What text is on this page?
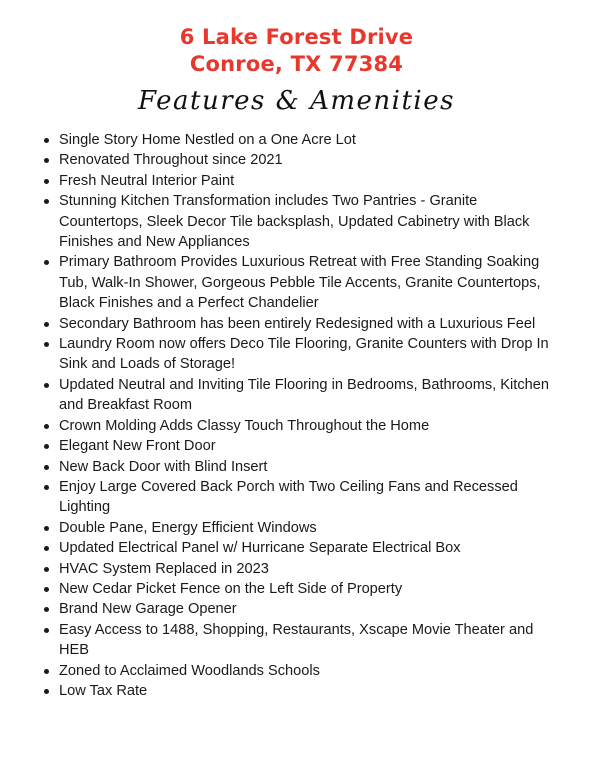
6 Lake Forest Drive
Conroe, TX 77384
Features & Amenities
Single Story Home Nestled on a One Acre Lot
Renovated Throughout since 2021
Fresh Neutral Interior Paint
Stunning Kitchen Transformation includes Two Pantries - Granite Countertops, Sleek Decor Tile backsplash, Updated Cabinetry with Black Finishes and New Appliances
Primary Bathroom Provides Luxurious Retreat with Free Standing Soaking Tub, Walk-In Shower, Gorgeous Pebble Tile Accents, Granite Countertops, Black Finishes and a Perfect Chandelier
Secondary Bathroom has been entirely Redesigned with a Luxurious Feel
Laundry Room now offers Deco Tile Flooring, Granite Counters with Drop In Sink and Loads of Storage!
Updated Neutral and Inviting Tile Flooring in Bedrooms, Bathrooms, Kitchen and Breakfast Room
Crown Molding Adds Classy Touch Throughout the Home
Elegant New Front Door
New Back Door with Blind Insert
Enjoy Large Covered Back Porch with Two Ceiling Fans and Recessed Lighting
Double Pane, Energy Efficient Windows
Updated Electrical Panel w/ Hurricane Separate Electrical Box
HVAC System Replaced in 2023
New Cedar Picket Fence on the Left Side of Property
Brand New Garage Opener
Easy Access to 1488, Shopping, Restaurants, Xscape Movie Theater and HEB
Zoned to Acclaimed Woodlands Schools
Low Tax Rate
